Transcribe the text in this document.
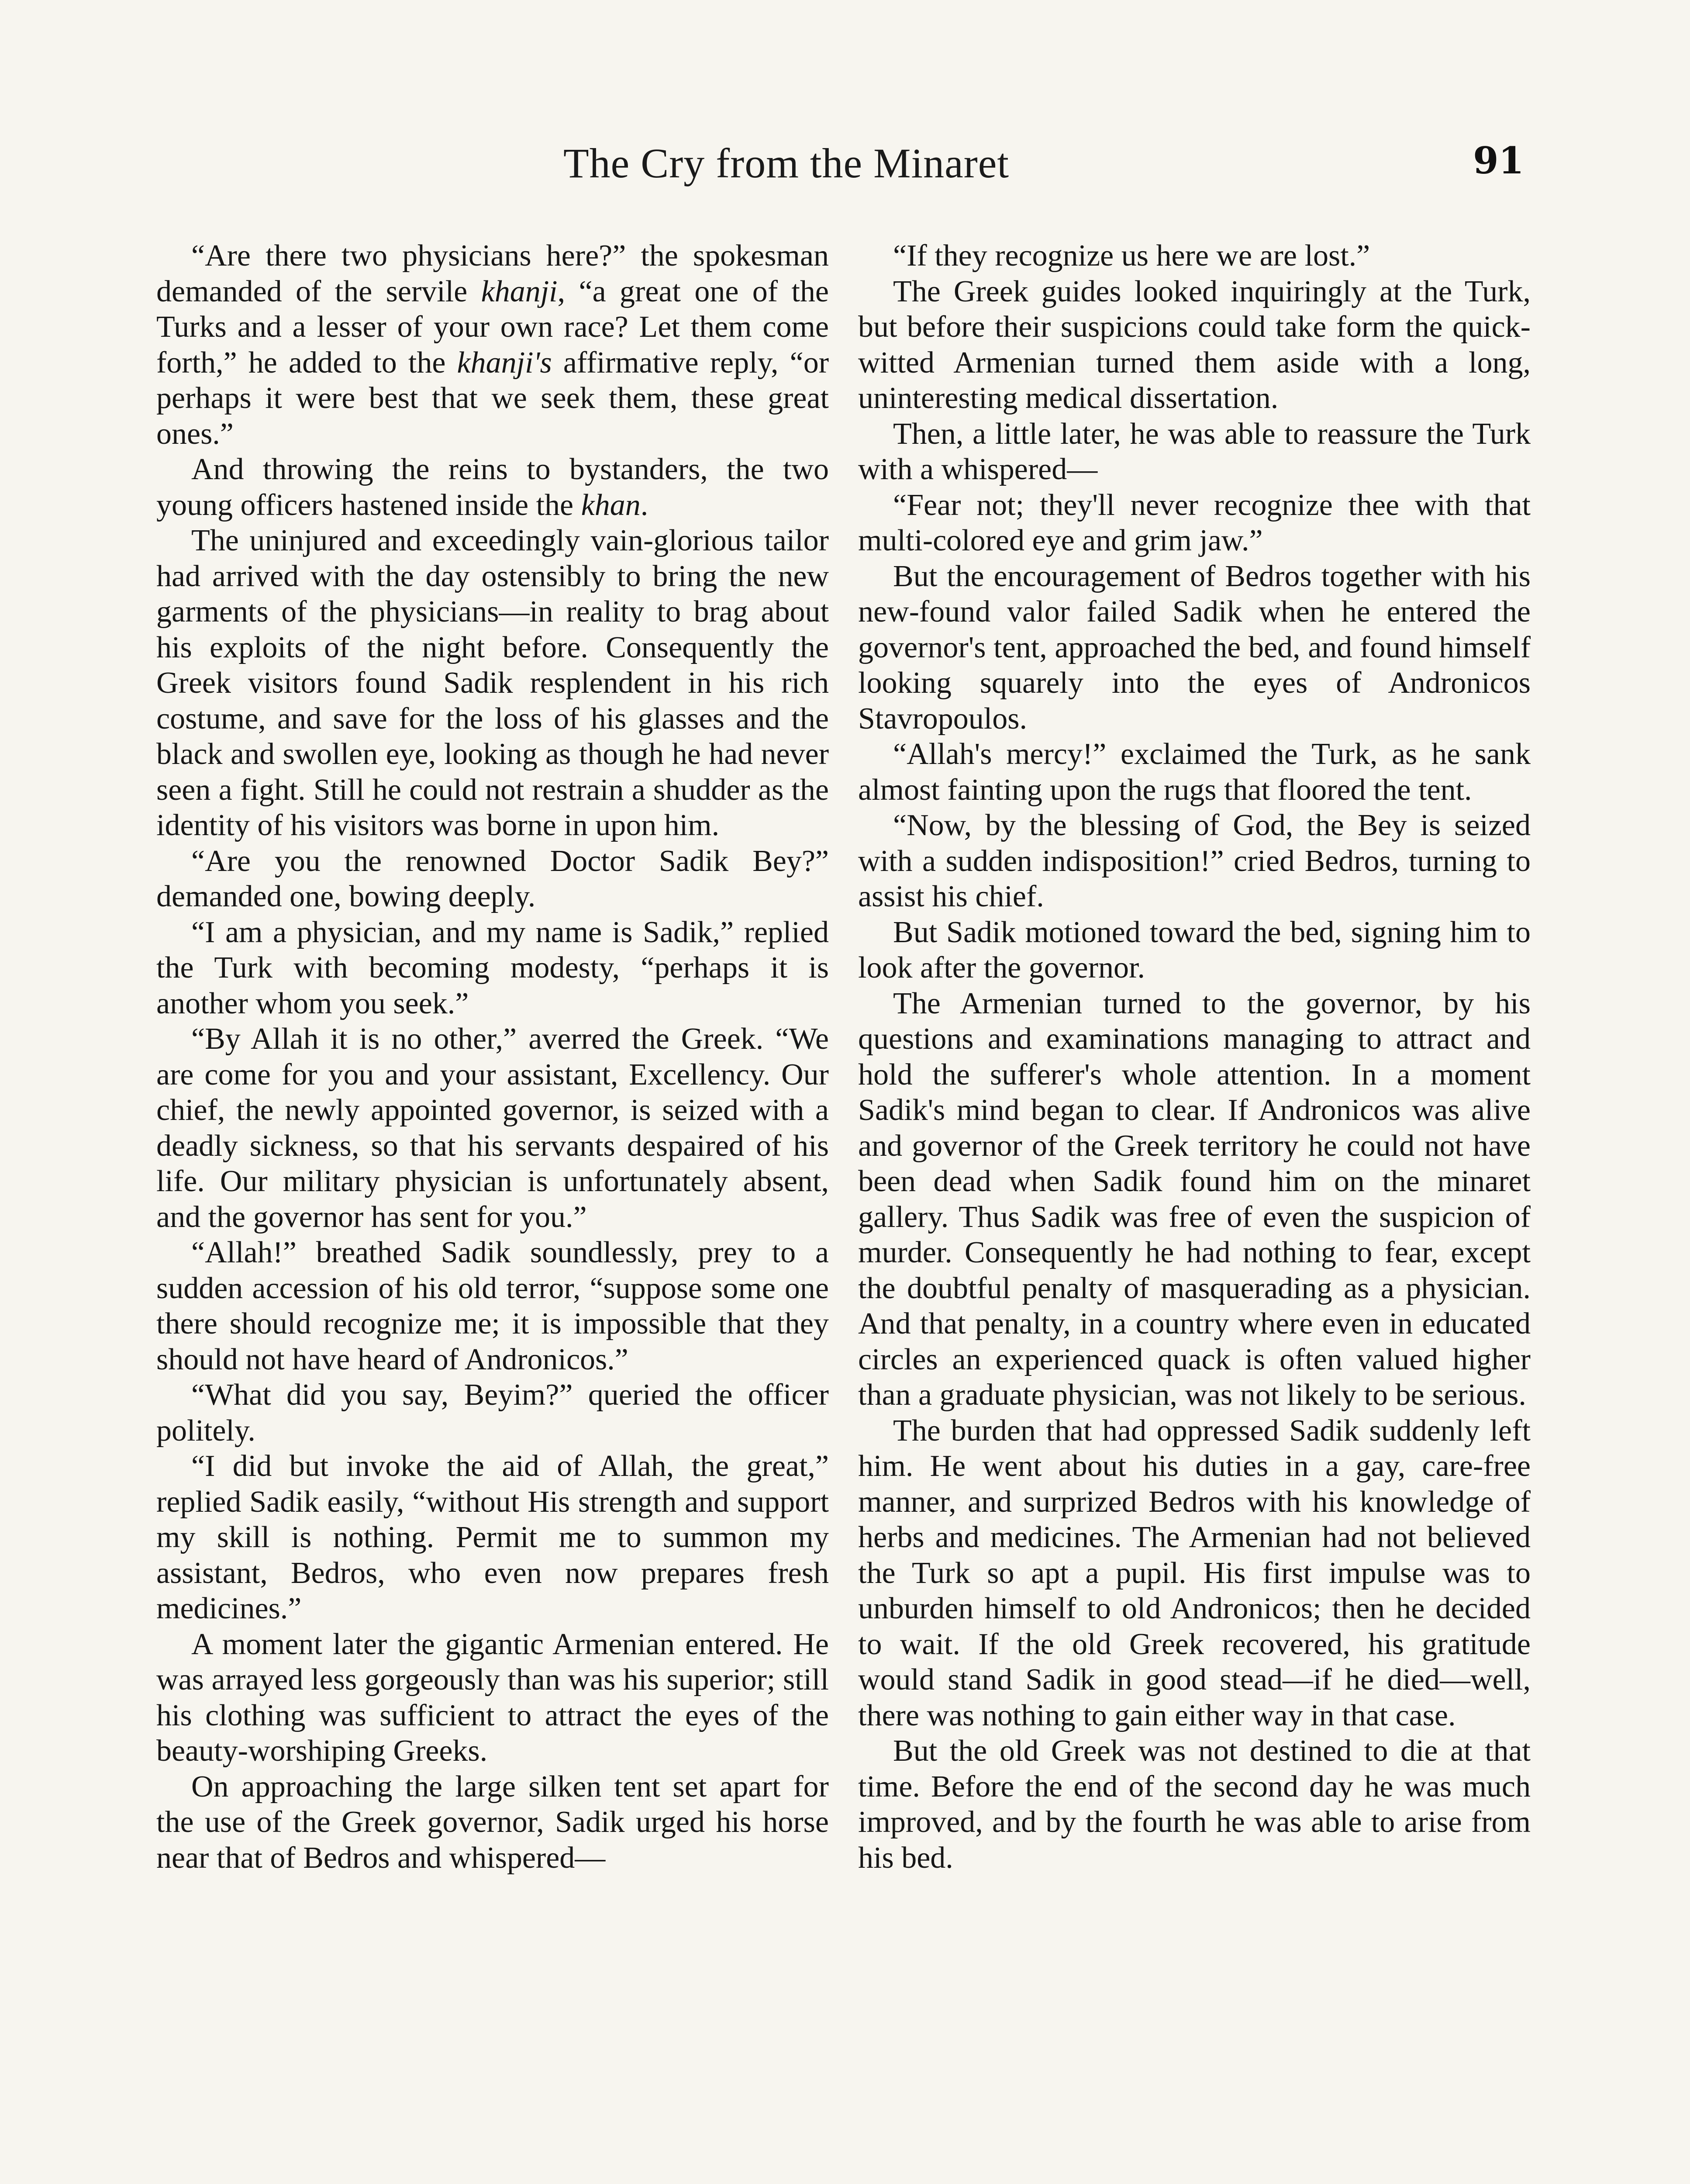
The Cry from the Minaret	91

“Are there two physicians here?” the spokesman demanded of the servile khanji, “a great one of the Turks and a lesser of your own race? Let them come forth,” he added to the khanji's affirmative reply, “or perhaps it were best that we seek them, these great ones.”

And throwing the reins to bystanders, the two young officers hastened inside the khan.

The uninjured and exceedingly vain-glorious tailor had arrived with the day ostensibly to bring the new garments of the physicians—in reality to brag about his exploits of the night before. Consequently the Greek visitors found Sadik resplendent in his rich costume, and save for the loss of his glasses and the black and swollen eye, looking as though he had never seen a fight. Still he could not restrain a shudder as the identity of his visitors was borne in upon him.

“Are you the renowned Doctor Sadik Bey?” demanded one, bowing deeply.

“I am a physician, and my name is Sadik,” replied the Turk with becoming modesty, “perhaps it is another whom you seek.”

“By Allah it is no other,” averred the Greek. “We are come for you and your assistant, Excellency. Our chief, the newly appointed governor, is seized with a deadly sickness, so that his servants despaired of his life. Our military physician is unfortunately absent, and the governor has sent for you.”

“Allah!” breathed Sadik soundlessly, prey to a sudden accession of his old terror, “suppose some one there should recognize me; it is impossible that they should not have heard of Andronicos.”

“What did you say, Beyim?” queried the officer politely.

“I did but invoke the aid of Allah, the great,” replied Sadik easily, “without His strength and support my skill is nothing. Permit me to summon my assistant, Bedros, who even now prepares fresh medicines.”

A moment later the gigantic Armenian entered. He was arrayed less gorgeously than was his superior; still his clothing was sufficient to attract the eyes of the beauty-worshiping Greeks.

On approaching the large silken tent set apart for the use of the Greek governor, Sadik urged his horse near that of Bedros and whispered—

“If they recognize us here we are lost.”

The Greek guides looked inquiringly at the Turk, but before their suspicions could take form the quick-witted Armenian turned them aside with a long, uninteresting medical dissertation.

Then, a little later, he was able to reassure the Turk with a whispered—

“Fear not; they'll never recognize thee with that multi-colored eye and grim jaw.”

But the encouragement of Bedros together with his new-found valor failed Sadik when he entered the governor's tent, approached the bed, and found himself looking squarely into the eyes of Andronicos Stavropoulos.

“Allah's mercy!” exclaimed the Turk, as he sank almost fainting upon the rugs that floored the tent.

“Now, by the blessing of God, the Bey is seized with a sudden indisposition!” cried Bedros, turning to assist his chief.

But Sadik motioned toward the bed, signing him to look after the governor.

The Armenian turned to the governor, by his questions and examinations managing to attract and hold the sufferer's whole attention. In a moment Sadik's mind began to clear. If Andronicos was alive and governor of the Greek territory he could not have been dead when Sadik found him on the minaret gallery. Thus Sadik was free of even the suspicion of murder. Consequently he had nothing to fear, except the doubtful penalty of masquerading as a physician. And that penalty, in a country where even in educated circles an experienced quack is often valued higher than a graduate physician, was not likely to be serious.

The burden that had oppressed Sadik suddenly left him. He went about his duties in a gay, care-free manner, and surprized Bedros with his knowledge of herbs and medicines. The Armenian had not believed the Turk so apt a pupil. His first impulse was to unburden himself to old Andronicos; then he decided to wait. If the old Greek recovered, his gratitude would stand Sadik in good stead—if he died—well, there was nothing to gain either way in that case.

But the old Greek was not destined to die at that time. Before the end of the second day he was much improved, and by the fourth he was able to arise from his bed.
